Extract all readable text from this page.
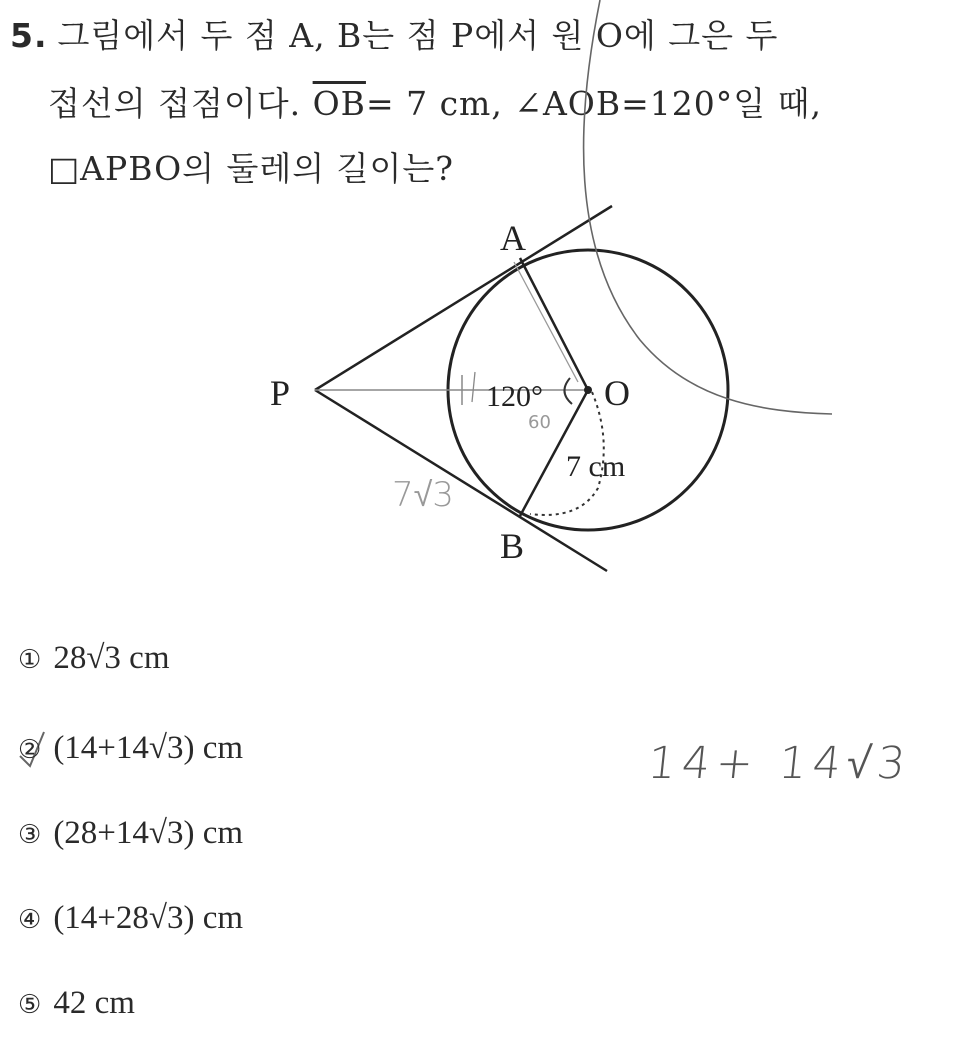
5. 그림에서 두 점 A, B는 점 P에서 원 O에 그은 두
접선의 접점이다. $\overline{OB}= 7$ cm, ∠AOB=120°일 때,
□APBO의 둘레의 길이는?
A
B
P	O
120°
7 cm
7√3
60
① 28√3 cm
② (14+14√3) cm
③ (28+14√3) cm
④ (14+28√3) cm
⑤ 42 cm
14+ 14√3
